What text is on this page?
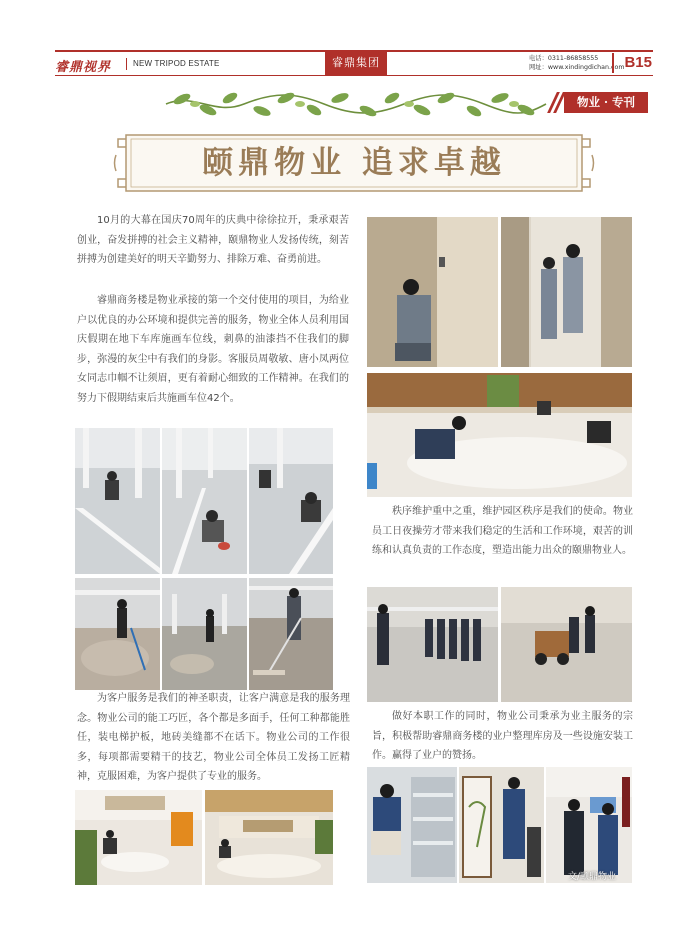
睿鼎视界	NEW TRIPOD ESTATE	睿鼎集团	电话：0311-86858555
网址：www.xindingdichan.com B15
物业 · 专刊
颐鼎物业 追求卓越
10月的大幕在国庆70周年的庆典中徐徐拉开，秉承艰苦创业，奋发拼搏的社会主义精神，颐鼎物业人发扬传统，刻苦拼搏为创建美好的明天辛勤努力、排除万难、奋勇前进。
睿鼎商务楼是物业承接的第一个交付使用的项目，为给业户以优良的办公环境和提供完善的服务，物业全体人员利用国庆假期在地下车库施画车位线，刺鼻的油漆挡不住我们的脚步，弥漫的灰尘中有我们的身影。客服员周敬敏、唐小凤两位女同志巾帼不让须眉，更有着耐心细致的工作精神。在我们的努力下假期结束后共施画车位42个。
为客户服务是我们的神圣职责，让客户满意是我的服务理念。物业公司的能工巧匠，各个都是多面手，任何工种都能胜任，装电梯护板，地砖美缝都不在话下。物业公司的工作很多，每项都需要精干的技艺，物业公司全体员工发扬工匠精神，克服困难，为客户提供了专业的服务。
秩序维护重中之重，维护园区秩序是我们的使命。物业员工日夜操劳才带来我们稳定的生活和工作环境，艰苦的训练和认真负责的工作态度，塑造出能力出众的颐鼎物业人。
做好本职工作的同时，物业公司秉承为业主服务的宗旨，积极帮助睿鼎商务楼的业户整理库房及一些设施安装工作。赢得了业户的赞扬。
文/颐鼎物业
